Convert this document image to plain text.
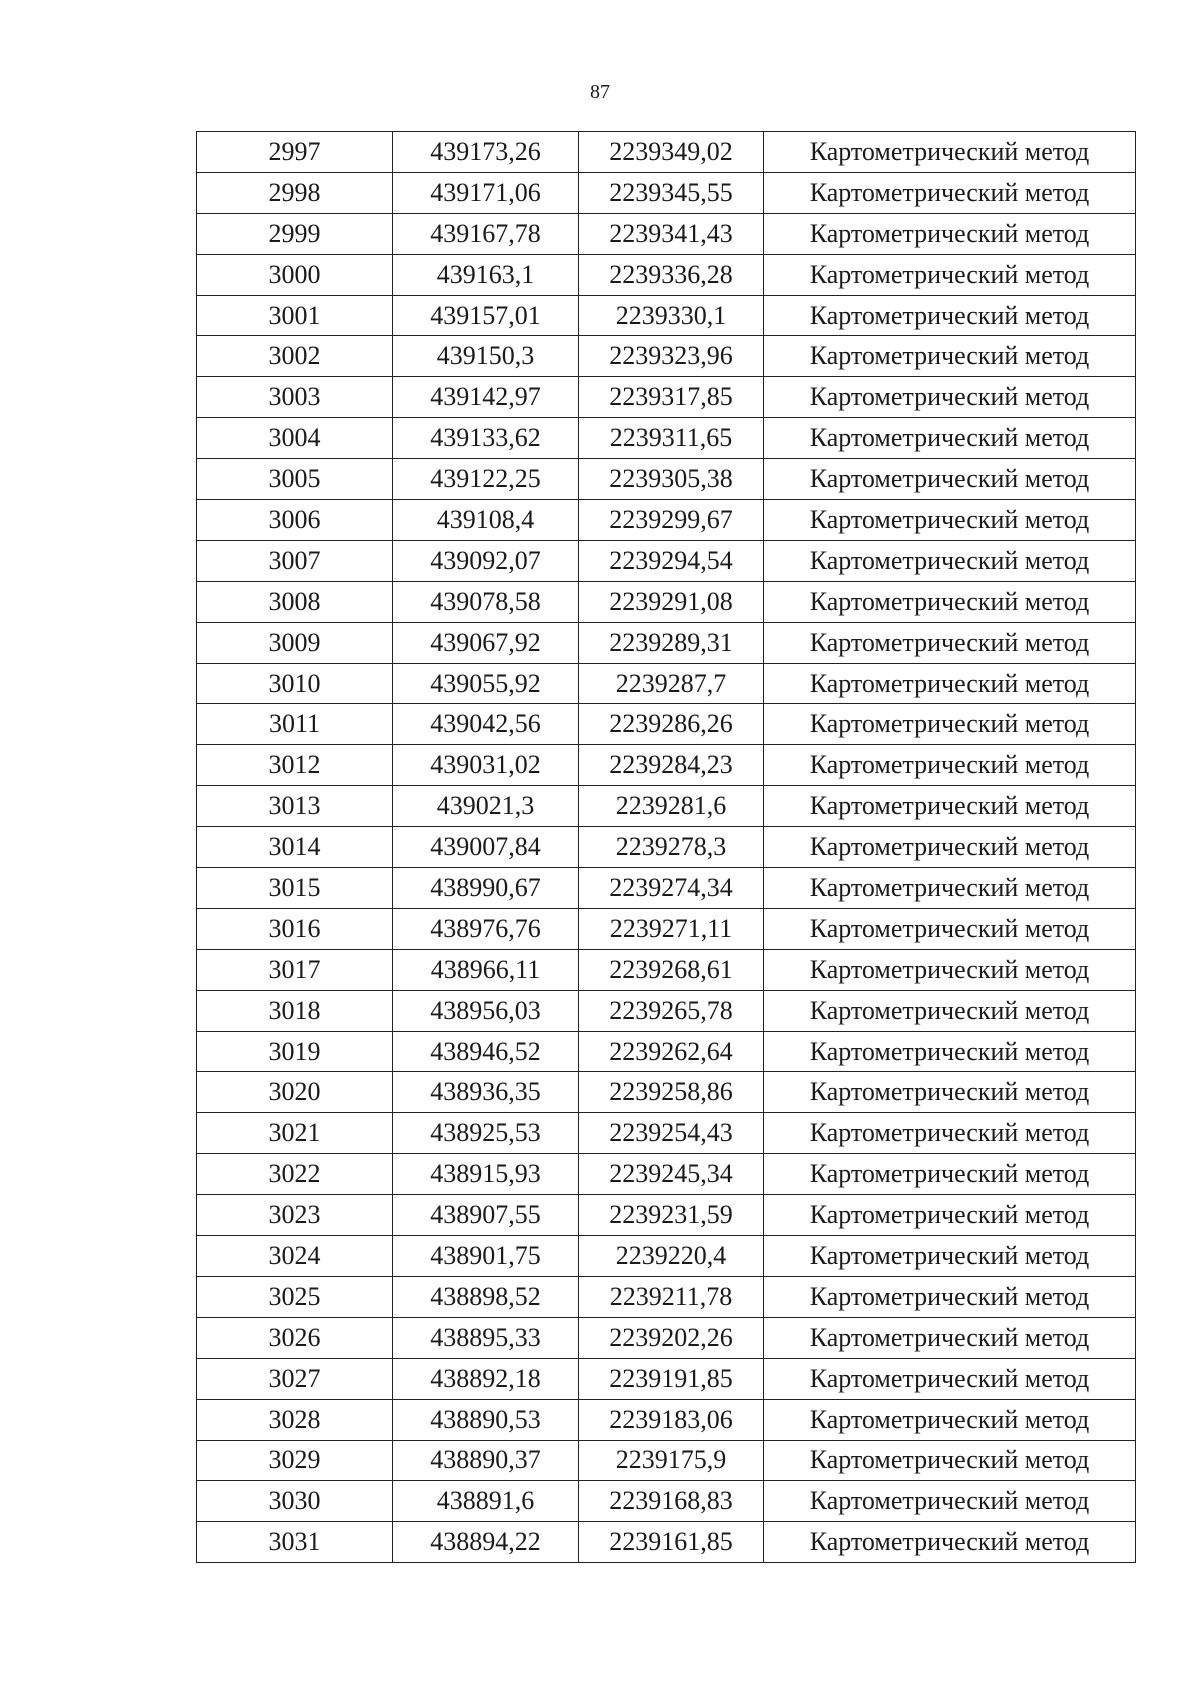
87
2997	439173,26	2239349,02	Картометрический метод
2998	439171,06	2239345,55	Картометрический метод
2999	439167,78	2239341,43	Картометрический метод
3000	439163,1	2239336,28	Картометрический метод
3001	439157,01	2239330,1	Картометрический метод
3002	439150,3	2239323,96	Картометрический метод
3003	439142,97	2239317,85	Картометрический метод
3004	439133,62	2239311,65	Картометрический метод
3005	439122,25	2239305,38	Картометрический метод
3006	439108,4	2239299,67	Картометрический метод
3007	439092,07	2239294,54	Картометрический метод
3008	439078,58	2239291,08	Картометрический метод
3009	439067,92	2239289,31	Картометрический метод
3010	439055,92	2239287,7	Картометрический метод
3011	439042,56	2239286,26	Картометрический метод
3012	439031,02	2239284,23	Картометрический метод
3013	439021,3	2239281,6	Картометрический метод
3014	439007,84	2239278,3	Картометрический метод
3015	438990,67	2239274,34	Картометрический метод
3016	438976,76	2239271,11	Картометрический метод
3017	438966,11	2239268,61	Картометрический метод
3018	438956,03	2239265,78	Картометрический метод
3019	438946,52	2239262,64	Картометрический метод
3020	438936,35	2239258,86	Картометрический метод
3021	438925,53	2239254,43	Картометрический метод
3022	438915,93	2239245,34	Картометрический метод
3023	438907,55	2239231,59	Картометрический метод
3024	438901,75	2239220,4	Картометрический метод
3025	438898,52	2239211,78	Картометрический метод
3026	438895,33	2239202,26	Картометрический метод
3027	438892,18	2239191,85	Картометрический метод
3028	438890,53	2239183,06	Картометрический метод
3029	438890,37	2239175,9	Картометрический метод
3030	438891,6	2239168,83	Картометрический метод
3031	438894,22	2239161,85	Картометрический метод
